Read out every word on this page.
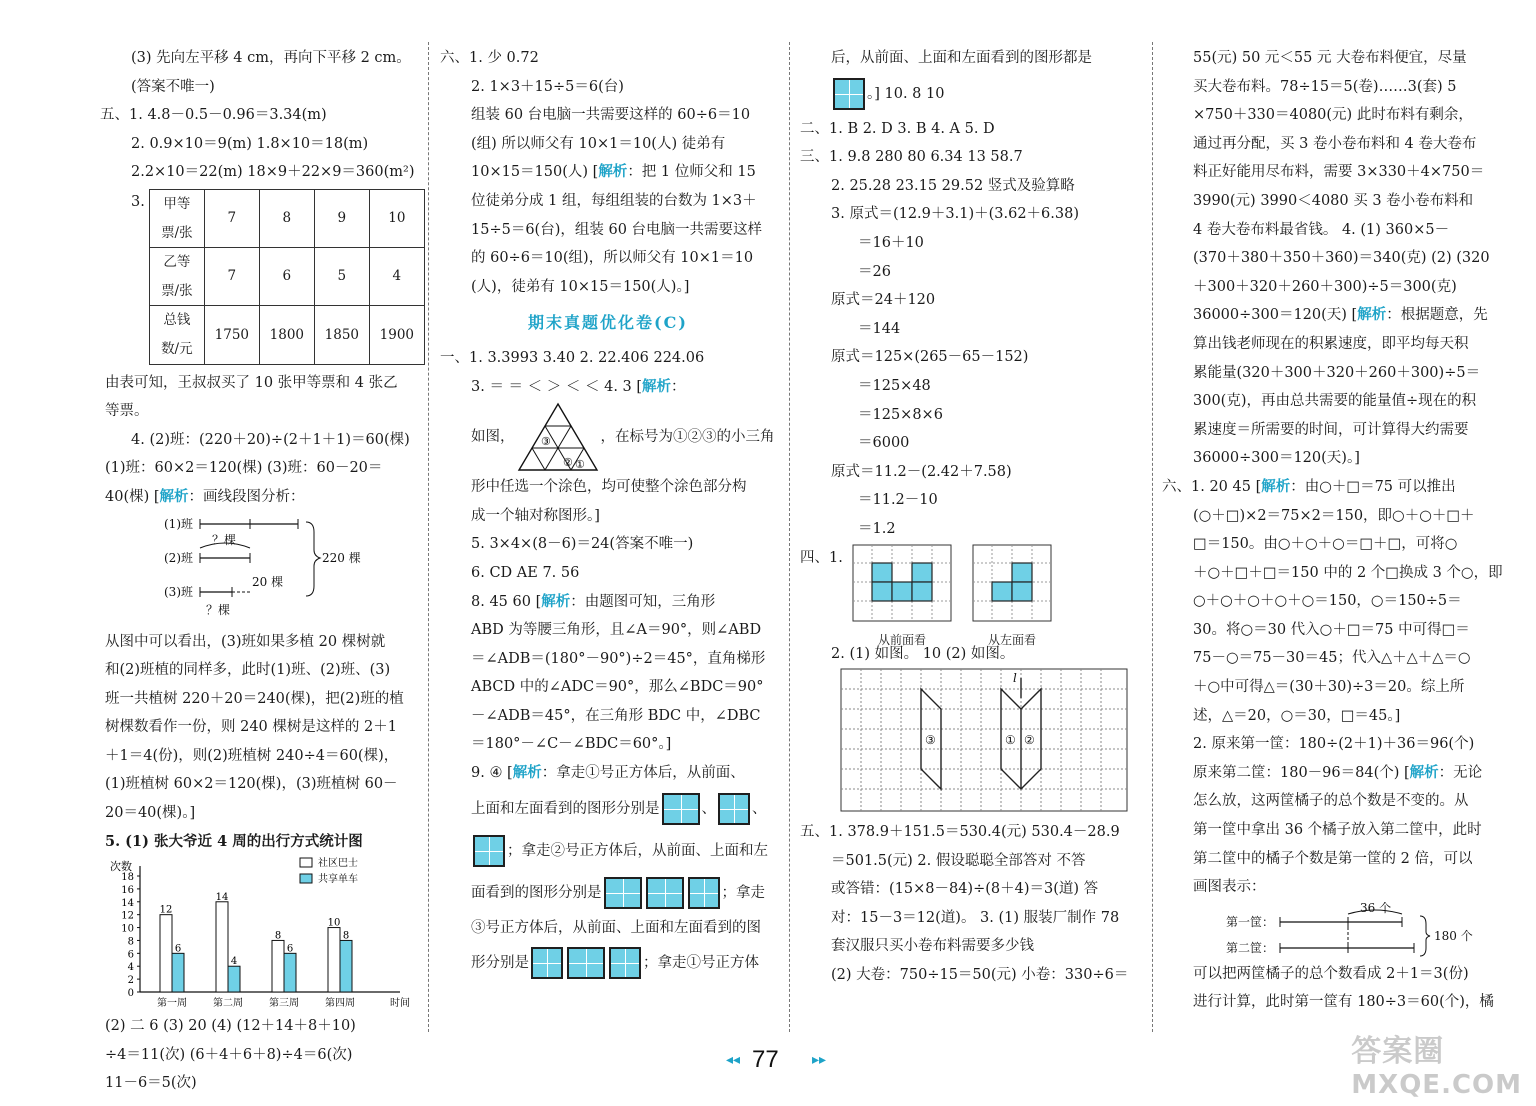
(3) 先向左平移 4 cm，再向下平移 2 cm。
(答案不唯一)
五、1. 4.8－0.5－0.96＝3.34(m)
2. 0.9×10＝9(m) 1.8×10＝18(m)
2.2×10＝22(m) 18×9＋22×9＝360(m²)
3. 甲等票/张	7	8	9	10
乙等票/张	7	6	5	4
总钱数/元	1750	1800	1850	1900
由表可知，王叔叔买了 10 张甲等票和 4 张乙
等票。
4. (2)班：(220＋20)÷(2＋1＋1)＝60(棵)
(1)班：60×2＝120(棵) (3)班：60－20＝
40(棵) [解析：画线段图分析：
(1)班
？棵
(2)班
(3)班
20 棵
？棵
220 棵
从图中可以看出，(3)班如果多植 20 棵树就
和(2)班植的同样多，此时(1)班、(2)班、(3)
班一共植树 220＋20＝240(棵)，把(2)班的植
树棵数看作一份，则 240 棵树是这样的 2＋1
＋1＝4(份)，则(2)班植树 240÷4＝60(棵)，
(1)班植树 60×2＝120(棵)，(3)班植树 60－
20＝40(棵)。]
5. (1) 张大爷近 4 周的出行方式统计图
次数
时间
0
2
4
6
8
10
12
14
16
18
12
6
第一周
14
4
第二周
8
6
第三周
10
8
第四周
社区巴士
共享单车
(2) 二 6 (3) 20 (4) (12＋14＋8＋10)
÷4＝11(次) (6＋4＋6＋8)÷4＝6(次)
11－6＝5(次)
六、1. 少 0.72
2. 1×3＋15÷5＝6(台)
组装 60 台电脑一共需要这样的 60÷6＝10
(组) 所以师父有 10×1＝10(人) 徒弟有
10×15＝150(人) [解析：把 1 位师父和 15
位徒弟分成 1 组，每组组装的台数为 1×3＋
15÷5＝6(台)，组装 60 台电脑一共需要这样
的 60÷6＝10(组)，所以师父有 10×1＝10
(人)，徒弟有 10×15＝150(人)。]
期末真题优化卷(C)
一、1. 3.3993 3.40 2. 22.406 224.06
3. ＝ ＝ ＜ ＞ ＜ ＜ 4. 3 [解析：
如图， ③
② ①
，在标号为①②③的小三角
形中任选一个涂色，均可使整个涂色部分构
成一个轴对称图形。]
5. 3×4×(8－6)＝24(答案不唯一)
6. CD AE 7. 56
8. 45 60 [解析：由题图可知，三角形
ABD 为等腰三角形，且∠A＝90°，则∠ABD
＝∠ADB＝(180°－90°)÷2＝45°，直角梯形
ABCD 中的∠ADC＝90°，那么∠BDC＝90°
－∠ADB＝45°，在三角形 BDC 中，∠DBC
＝180°－∠C－∠BDC＝60°。]
9. ④ [解析：拿走①号正方体后，从前面、
上面和左面看到的图形分别是	、 、
；拿走②号正方体后，从前面、上面和左
面看到的图形分别是	；拿走
③号正方体后，从前面、上面和左面看到的图
形分别是	；拿走①号正方体
后，从前面、上面和左面看到的图形都是
。] 10. 8 10
二、1. B 2. D 3. B 4. A 5. D
三、1. 9.8 280 80 6.34 13 58.7
2. 25.28 23.15 29.52 竖式及验算略
3. 原式＝(12.9＋3.1)＋(3.62＋6.38)
＝16＋10
＝26
原式＝24＋120
＝144
原式＝125×(265－65－152)
＝125×48
＝125×8×6
＝6000
原式＝11.2－(2.42＋7.58)
＝11.2－10
＝1.2
四、1.
从前面看	从左面看
2. (1) 如图。 10 (2) 如图。
③	① ②
l
五、1. 378.9＋151.5＝530.4(元) 530.4－28.9
＝501.5(元) 2. 假设聪聪全部答对 不答
或答错：(15×8－84)÷(8＋4)＝3(道) 答
对：15－3＝12(道)。 3. (1) 服装厂制作 78
套汉服只买小卷布料需要多少钱
(2) 大卷：750÷15＝50(元) 小卷：330÷6＝
55(元) 50 元＜55 元 大卷布料便宜，尽量
买大卷布料。78÷15＝5(卷)……3(套) 5
×750＋330＝4080(元) 此时布料有剩余，
通过再分配，买 3 卷小卷布料和 4 卷大卷布
料正好能用尽布料，需要 3×330＋4×750＝
3990(元) 3990＜4080 买 3 卷小卷布料和
4 卷大卷布料最省钱。 4. (1) 360×5－
(370＋380＋350＋360)＝340(克) (2) (320
＋300＋320＋260＋300)÷5＝300(克)
36000÷300＝120(天) [解析：根据题意，先
算出钱老师现在的积累速度，即平均每天积
累能量(320＋300＋320＋260＋300)÷5＝
300(克)，再由总共需要的能量值÷现在的积
累速度＝所需要的时间，可计算得大约需要
36000÷300＝120(天)。]
六、1. 20 45 [解析：由○＋□＝75 可以推出
(○＋□)×2＝75×2＝150，即○＋○＋□＋
□＝150。由○＋○＋○＝□＋□，可将○
＋○＋□＋□＝150 中的 2 个□换成 3 个○，即
○＋○＋○＋○＋○＝150，○＝150÷5＝
30。将○＝30 代入○＋□＝75 中可得□＝
75－○＝75－30＝45；代入△＋△＋△＝○
＋○中可得△＝(30＋30)÷3＝20。综上所
述，△＝20，○＝30，□＝45。]
2. 原来第一筐：180÷(2＋1)＋36＝96(个)
原来第二筐：180－96＝84(个) [解析：无论
怎么放，这两筐橘子的总个数是不变的。从
第一筐中拿出 36 个橘子放入第二筐中，此时
第二筐中的橘子个数是第一筐的 2 倍，可以
画图表示：
第一筐：
36 个
第二筐：
180 个
可以把两筐橘子的总个数看成 2＋1＝3(份)
进行计算，此时第一筐有 180÷3＝60(个)，橘
◂◂ 77 ▸▸	答案圈
MXQE.COM
